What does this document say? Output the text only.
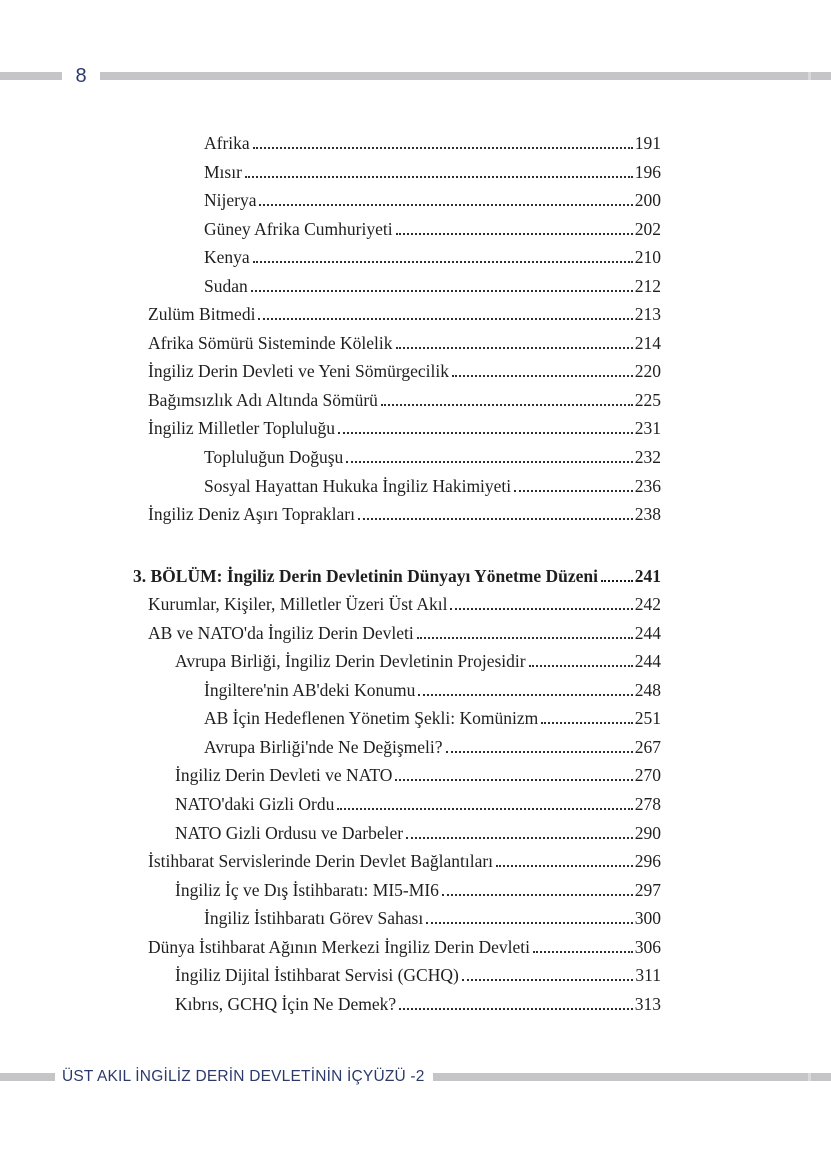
8
Afrika	191
Mısır	196
Nijerya	200
Güney Afrika Cumhuriyeti	202
Kenya	210
Sudan	212
Zulüm Bitmedi	213
Afrika Sömürü Sisteminde Kölelik	214
İngiliz Derin Devleti ve Yeni Sömürgecilik	220
Bağımsızlık Adı Altında Sömürü	225
İngiliz Milletler Topluluğu	231
Topluluğun Doğuşu	232
Sosyal Hayattan Hukuka İngiliz Hakimiyeti	236
İngiliz Deniz Aşırı Toprakları	238
3. BÖLÜM: İngiliz Derin Devletinin Dünyayı Yönetme Düzeni 241
Kurumlar, Kişiler, Milletler Üzeri Üst Akıl	242
AB ve NATO'da İngiliz Derin Devleti	244
Avrupa Birliği, İngiliz Derin Devletinin Projesidir	244
İngiltere'nin AB'deki Konumu	248
AB İçin Hedeflenen Yönetim Şekli: Komünizm	251
Avrupa Birliği'nde Ne Değişmeli?	267
İngiliz Derin Devleti ve NATO	270
NATO'daki Gizli Ordu	278
NATO Gizli Ordusu ve Darbeler	290
İstihbarat Servislerinde Derin Devlet Bağlantıları	296
İngiliz İç ve Dış İstihbaratı: MI5-MI6	297
İngiliz İstihbaratı Görev Sahası	300
Dünya İstihbarat Ağının Merkezi İngiliz Derin Devleti	306
İngiliz Dijital İstihbarat Servisi (GCHQ)	311
Kıbrıs, GCHQ İçin Ne Demek?	313
ÜST AKIL İNGİLİZ DERİN DEVLETİNİN İÇYÜZÜ -2
